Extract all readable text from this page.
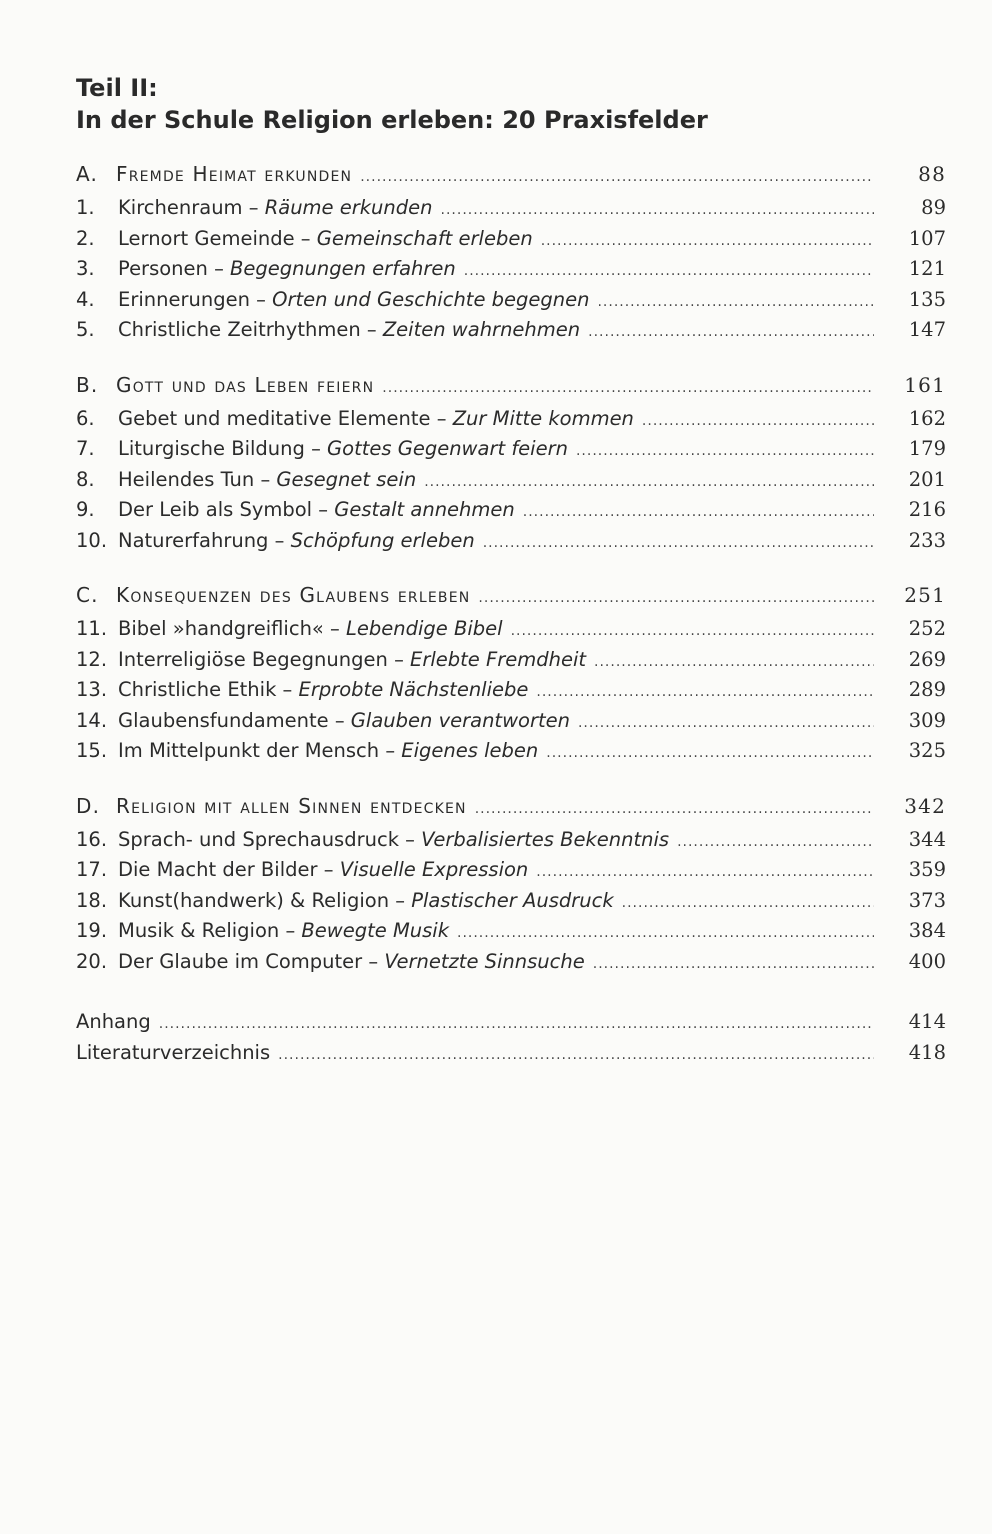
Teil II:
In der Schule Religion erleben: 20 Praxisfelder
A. Fremde Heimat erkunden .....	88
1.	Kirchenraum – Räume erkunden .....	89
2.	Lernort Gemeinde – Gemeinschaft erleben .....	107
3.	Personen – Begegnungen erfahren .....	121
4.	Erinnerungen – Orten und Geschichte begegnen .....	135
5.	Christliche Zeitrhythmen – Zeiten wahrnehmen .....	147
B. Gott und das Leben feiern .....	161
6.	Gebet und meditative Elemente – Zur Mitte kommen .....	162
7.	Liturgische Bildung – Gottes Gegenwart feiern .....	179
8.	Heilendes Tun – Gesegnet sein .....	201
9.	Der Leib als Symbol – Gestalt annehmen .....	216
10. Naturerfahrung – Schöpfung erleben .....	233
C. Konsequenzen des Glaubens erleben .....	251
11. Bibel »handgreiflich« – Lebendige Bibel .....	252
12. Interreligiöse Begegnungen – Erlebte Fremdheit .....	269
13. Christliche Ethik – Erprobte Nächstenliebe .....	289
14. Glaubensfundamente – Glauben verantworten .....	309
15. Im Mittelpunkt der Mensch – Eigenes leben .....	325
D. Religion mit allen Sinnen entdecken .....	342
16. Sprach- und Sprechausdruck – Verbalisiertes Bekenntnis .....	344
17. Die Macht der Bilder – Visuelle Expression .....	359
18. Kunst(handwerk) & Religion – Plastischer Ausdruck .....	373
19. Musik & Religion – Bewegte Musik .....	384
20. Der Glaube im Computer – Vernetzte Sinnsuche .....	400
Anhang .....	414
Literaturverzeichnis .....	418
